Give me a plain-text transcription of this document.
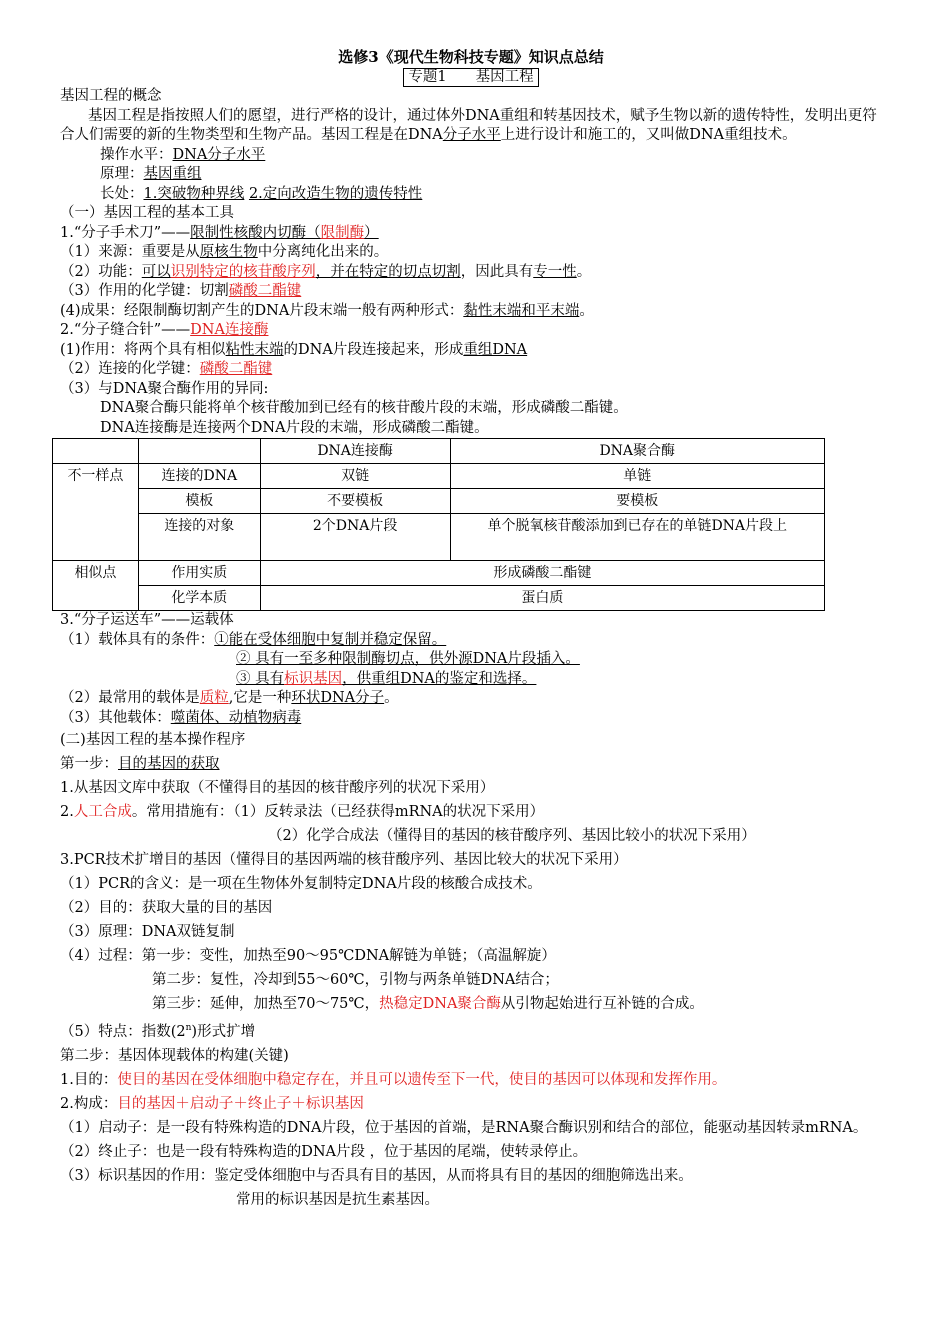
选修3《现代生物科技专题》知识点总结
专题1　　基因工程
基因工程的概念
基因工程是指按照人们的愿望，进行严格的设计，通过体外DNA重组和转基因技术，赋予生物以新的遗传特性，发明出更符合人们需要的新的生物类型和生物产品。基因工程是在DNA分子水平上进行设计和施工的，又叫做DNA重组技术。
操作水平：DNA分子水平
原理：基因重组
长处：1.突破物种界线 2.定向改造生物的遗传特性
（一）基因工程的基本工具
1.“分子手术刀”——限制性核酸内切酶（限制酶）
（1）来源：重要是从原核生物中分离纯化出来的。
（2）功能：可以识别特定的核苷酸序列，并在特定的切点切割，因此具有专一性。
（3）作用的化学键：切割磷酸二酯键
(4)成果：经限制酶切割产生的DNA片段末端一般有两种形式：黏性末端和平末端。
2.“分子缝合针”——DNA连接酶
(1)作用：将两个具有相似粘性末端的DNA片段连接起来，形成重组DNA
（2）连接的化学键：磷酸二酯键
（3）与DNA聚合酶作用的异同:
DNA聚合酶只能将单个核苷酸加到已经有的核苷酸片段的末端，形成磷酸二酯键。
DNA连接酶是连接两个DNA片段的末端，形成磷酸二酯键。
		DNA连接酶	DNA聚合酶
不一样点	连接的DNA	双链	单链
	模板	不要模板	要模板
	连接的对象	2个DNA片段	单个脱氧核苷酸添加到已存在的单链DNA片段上
相似点	作用实质	形成磷酸二酯键	
	化学本质	蛋白质	
3.“分子运送车”——运载体
（1）载体具有的条件：①能在受体细胞中复制并稳定保留。
② 具有一至多种限制酶切点，供外源DNA片段插入。
③ 具有标识基因，供重组DNA的鉴定和选择。
（2）最常用的载体是质粒,它是一种环状DNA分子。
（3）其他载体：噬菌体、动植物病毒
(二)基因工程的基本操作程序
第一步：目的基因的获取
1.从基因文库中获取（不懂得目的基因的核苷酸序列的状况下采用）
2.人工合成。常用措施有：（1）反转录法（已经获得mRNA的状况下采用）
（2）化学合成法（懂得目的基因的核苷酸序列、基因比较小的状况下采用）
3.PCR技术扩增目的基因（懂得目的基因两端的核苷酸序列、基因比较大的状况下采用）
（1）PCR的含义：是一项在生物体外复制特定DNA片段的核酸合成技术。
（2）目的：获取大量的目的基因
（3）原理：DNA双链复制
（4）过程：第一步：变性，加热至90～95℃DNA解链为单链；（高温解旋）
第二步：复性，冷却到55～60℃，引物与两条单链DNA结合；
第三步：延伸，加热至70～75℃，热稳定DNA聚合酶从引物起始进行互补链的合成。
（5）特点：指数(2$^n$)形式扩增
第二步：基因体现载体的构建(关键)
1.目的：使目的基因在受体细胞中稳定存在，并且可以遗传至下一代，使目的基因可以体现和发挥作用。
2.构成：目的基因＋启动子＋终止子＋标识基因
（1）启动子：是一段有特殊构造的DNA片段，位于基因的首端，是RNA聚合酶识别和结合的部位，能驱动基因转录mRNA。
（2）终止子：也是一段有特殊构造的DNA片段 ，位于基因的尾端，使转录停止。
（3）标识基因的作用：鉴定受体细胞中与否具有目的基因，从而将具有目的基因的细胞筛选出来。
常用的标识基因是抗生素基因。
